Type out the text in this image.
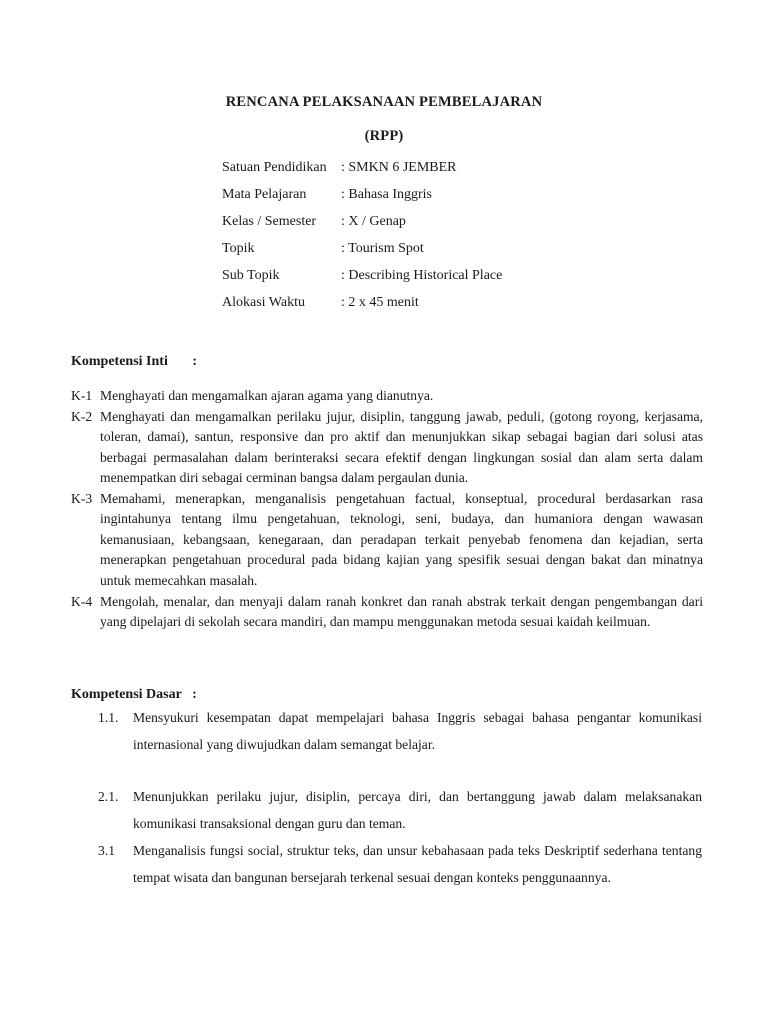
RENCANA PELAKSANAAN PEMBELAJARAN
(RPP)
Satuan Pendidikan : SMKN 6 JEMBER
Mata Pelajaran : Bahasa Inggris
Kelas / Semester : X / Genap
Topik	: Tourism Spot
Sub Topik	: Describing Historical Place
Alokasi Waktu	: 2 x 45 menit
Kompetensi Inti       :
K-1 Menghayati dan mengamalkan ajaran agama yang dianutnya.
K-2 Menghayati dan mengamalkan perilaku jujur, disiplin, tanggung jawab, peduli, (gotong royong, kerjasama, toleran, damai), santun, responsive dan pro aktif dan menunjukkan sikap sebagai bagian dari solusi atas berbagai permasalahan dalam berinteraksi secara efektif dengan lingkungan sosial dan alam serta dalam menempatkan diri sebagai cerminan bangsa dalam pergaulan dunia.
K-3 Memahami, menerapkan, menganalisis pengetahuan factual, konseptual, procedural berdasarkan rasa ingintahunya tentang ilmu pengetahuan, teknologi, seni, budaya, dan humaniora dengan wawasan kemanusiaan, kebangsaan, kenegaraan, dan peradapan terkait penyebab fenomena dan kejadian, serta menerapkan pengetahuan procedural pada bidang kajian yang spesifik sesuai dengan bakat dan minatnya untuk memecahkan masalah.
K-4 Mengolah, menalar, dan menyaji dalam ranah konkret dan ranah abstrak terkait dengan pengembangan dari yang dipelajari di sekolah secara mandiri, dan mampu menggunakan metoda sesuai kaidah keilmuan.
Kompetensi Dasar   :
1.1. Mensyukuri kesempatan dapat mempelajari bahasa Inggris sebagai bahasa pengantar komunikasi internasional yang diwujudkan dalam semangat belajar.
2.1. Menunjukkan perilaku jujur, disiplin, percaya diri, dan bertanggung jawab dalam melaksanakan komunikasi transaksional dengan guru dan teman.
3.1 Menganalisis fungsi social, struktur teks, dan unsur kebahasaan pada teks Deskriptif sederhana tentang tempat wisata dan bangunan bersejarah terkenal sesuai dengan konteks penggunaannya.
